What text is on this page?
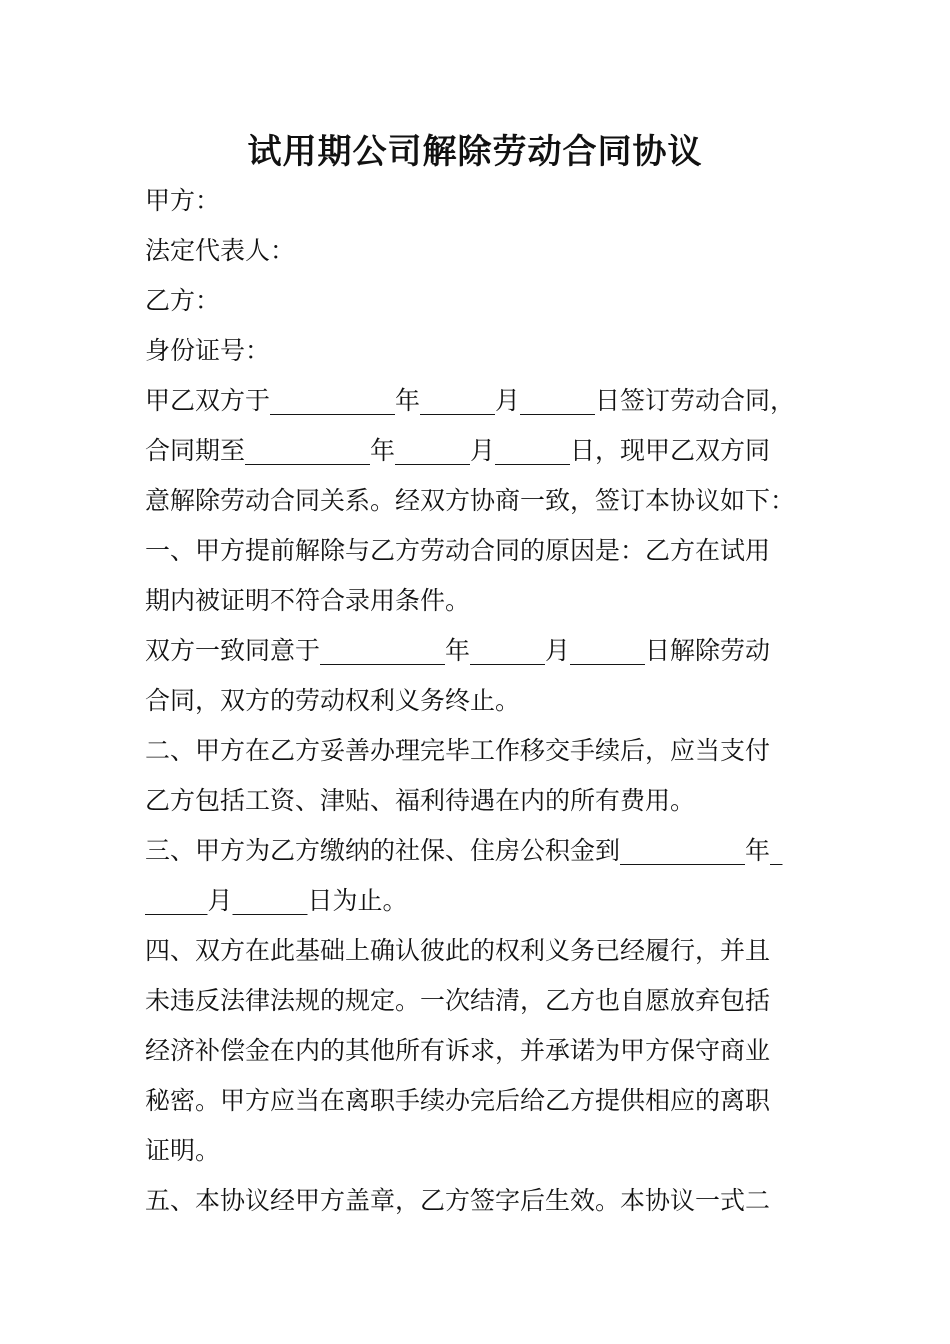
试用期公司解除劳动合同协议
甲方：
法定代表人：
乙方：
身份证号：
甲乙双方于__________年______月______日签订劳动合同，
合同期至__________年______月______日，现甲乙双方同
意解除劳动合同关系。经双方协商一致，签订本协议如下：
一、甲方提前解除与乙方劳动合同的原因是：乙方在试用
期内被证明不符合录用条件。
双方一致同意于__________年______月______日解除劳动
合同，双方的劳动权利义务终止。
二、甲方在乙方妥善办理完毕工作移交手续后，应当支付
乙方包括工资、津贴、福利待遇在内的所有费用。
三、甲方为乙方缴纳的社保、住房公积金到__________年_
_____月______日为止。
四、双方在此基础上确认彼此的权利义务已经履行，并且
未违反法律法规的规定。一次结清，乙方也自愿放弃包括
经济补偿金在内的其他所有诉求，并承诺为甲方保守商业
秘密。甲方应当在离职手续办完后给乙方提供相应的离职
证明。
五、本协议经甲方盖章，乙方签字后生效。本协议一式二
